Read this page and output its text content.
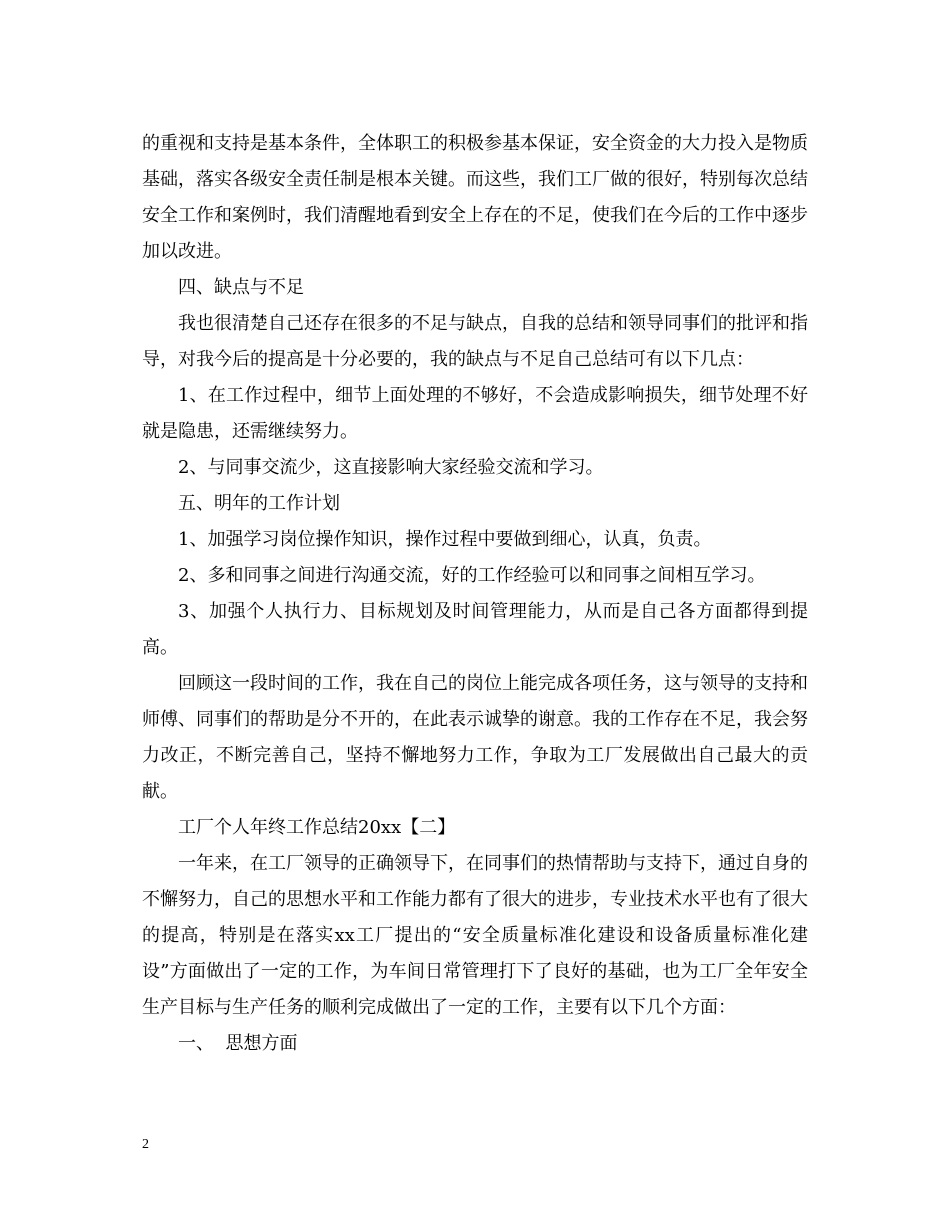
的重视和支持是基本条件，全体职工的积极参基本保证，安全资金的大力投入是物质基础，落实各级安全责任制是根本关键。而这些，我们工厂做的很好，特别每次总结安全工作和案例时，我们清醒地看到安全上存在的不足，使我们在今后的工作中逐步加以改进。

四、缺点与不足

我也很清楚自己还存在很多的不足与缺点，自我的总结和领导同事们的批评和指导，对我今后的提高是十分必要的，我的缺点与不足自己总结可有以下几点：

1、在工作过程中，细节上面处理的不够好，不会造成影响损失，细节处理不好就是隐患，还需继续努力。

2、与同事交流少，这直接影响大家经验交流和学习。

五、明年的工作计划

1、加强学习岗位操作知识，操作过程中要做到细心，认真，负责。

2、多和同事之间进行沟通交流，好的工作经验可以和同事之间相互学习。

3、加强个人执行力、目标规划及时间管理能力，从而是自己各方面都得到提高。

回顾这一段时间的工作，我在自己的岗位上能完成各项任务，这与领导的支持和师傅、同事们的帮助是分不开的，在此表示诚挚的谢意。我的工作存在不足，我会努力改正，不断完善自己，坚持不懈地努力工作，争取为工厂发展做出自己最大的贡献。

工厂个人年终工作总结20xx【二】

一年来，在工厂领导的正确领导下，在同事们的热情帮助与支持下，通过自身的不懈努力，自己的思想水平和工作能力都有了很大的进步，专业技术水平也有了很大的提高，特别是在落实xx工厂提出的“安全质量标准化建设和设备质量标准化建设”方面做出了一定的工作，为车间日常管理打下了良好的基础，也为工厂全年安全生产目标与生产任务的顺利完成做出了一定的工作，主要有以下几个方面：

一、  思想方面

2
